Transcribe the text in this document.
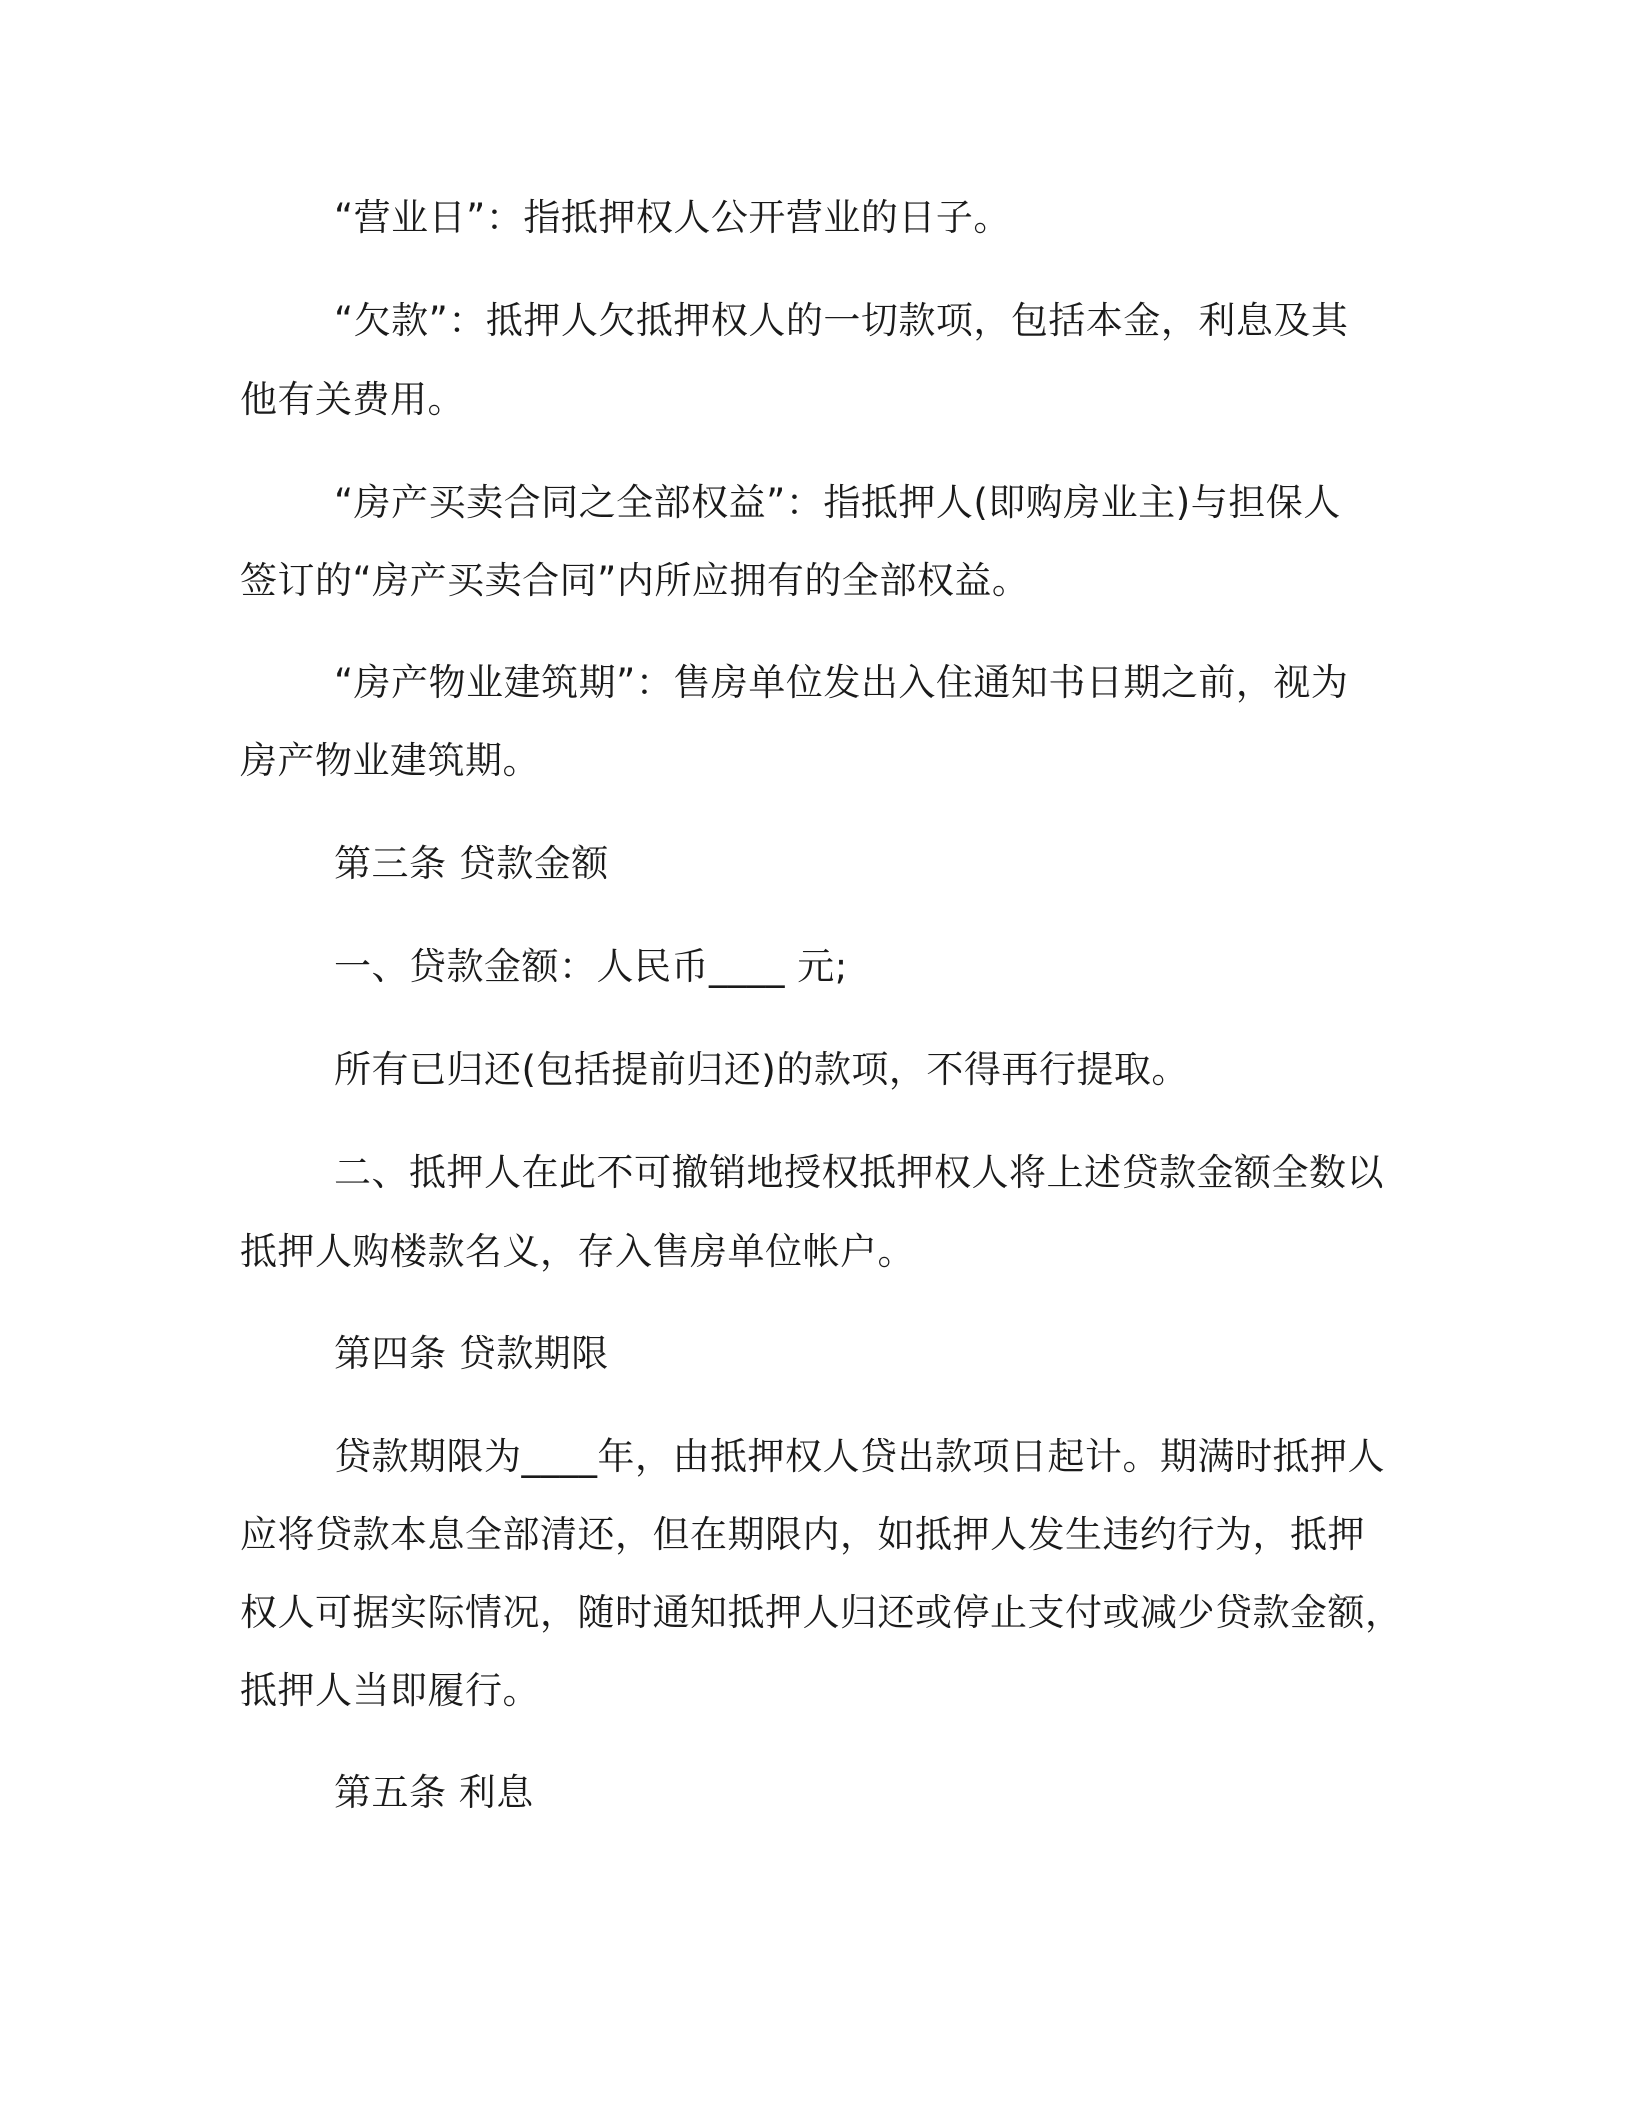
“营业日”：指抵押权人公开营业的日子。
“欠款”：抵押人欠抵押权人的一切款项，包括本金，利息及其
他有关费用。
“房产买卖合同之全部权益”：指抵押人(即购房业主)与担保人
签订的“房产买卖合同”内所应拥有的全部权益。
“房产物业建筑期”：售房单位发出入住通知书日期之前，视为
房产物业建筑期。
第三条 贷款金额
一、贷款金额：人民币____ 元;
所有已归还(包括提前归还)的款项，不得再行提取。
二、抵押人在此不可撤销地授权抵押权人将上述贷款金额全数以
抵押人购楼款名义，存入售房单位帐户。
第四条 贷款期限
贷款期限为____年，由抵押权人贷出款项日起计。期满时抵押人
应将贷款本息全部清还，但在期限内，如抵押人发生违约行为，抵押
权人可据实际情况，随时通知抵押人归还或停止支付或减少贷款金额，
抵押人当即履行。
第五条 利息
